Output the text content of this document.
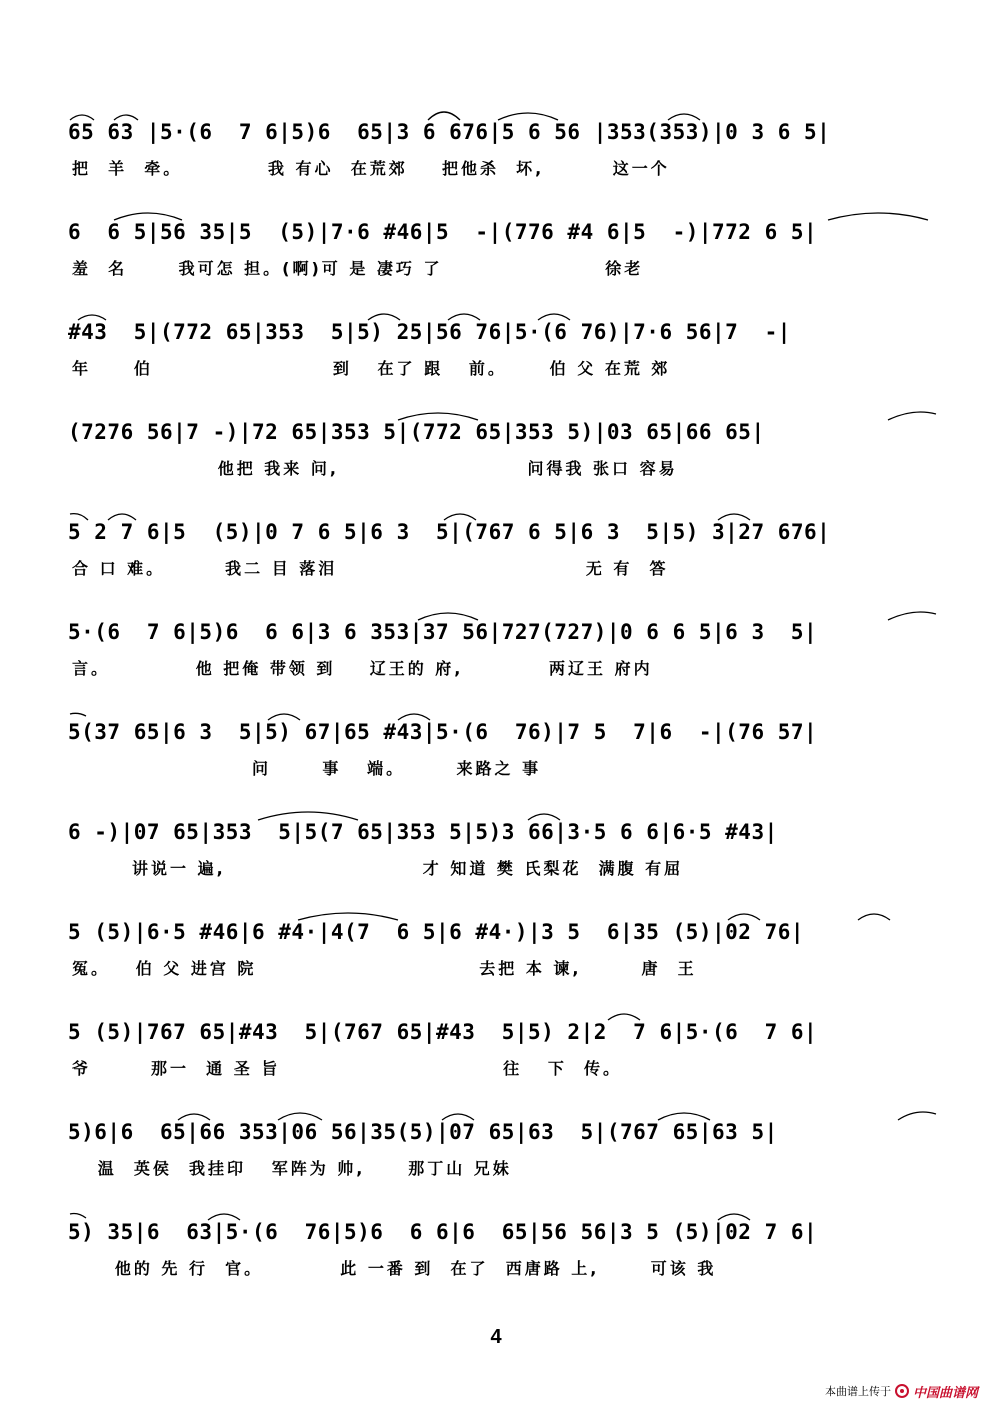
65 63 |5·(6  7 6|5)6  65|3 6 676|5 6 56 |353(353)|0 3 6 5|
把  羊  牵。          我 有心  在荒郊    把他杀  坏,        这一个
6  6 5|56 35|5  (5)|7·6 #46|5  -|(776 #4 6|5  -)|772 6 5|
羞  名      我可怎 担。(啊)可 是 凄巧 了                   徐老
#43  5|(772 65|353  5|5) 25|56 76|5·(6 76)|7·6 56|7  -|
年     伯                     到   在了 跟   前。     伯 父 在荒 郊
(7276 56|7 -)|72 65|353 5|(772 65|353 5)|03 65|66 65|
他把 我来 问,                      问得我 张口 容易
5 2 7 6|5  (5)|0 7 6 5|6 3  5|(767 6 5|6 3  5|5) 3|27 676|
合 口 难。       我二 目 落泪                             无 有  答
5·(6  7 6|5)6  6 6|3 6 353|37 56|727(727)|0 6 6 5|6 3  5|
言。          他 把俺 带领 到    辽王的 府,          两辽王 府内
5(37 65|6 3  5|5) 67|65 #43|5·(6  76)|7 5  7|6  -|(76 57|
问      事   端。      来路之 事
6 -)|07 65|353  5|5(7 65|353 5|5)3 66|3·5 6 6|6·5 #43|
讲说一 遍,                       才 知道 樊 氏梨花  满腹 有屈
5 (5)|6·5 #46|6 #4·|4(7  6 5|6 #4·)|3 5  6|35 (5)|02 76|
冤。   伯 父 进宫 院                          去把 本 谏,       唐  王
5 (5)|767 65|#43  5|(767 65|#43  5|5) 2|2  7 6|5·(6  7 6|
爷       那一  通 圣 旨                          往   下  传。
5)6|6  65|66 353|06 56|35(5)|07 65|63  5|(767 65|63 5|
温  英侯  我挂印   军阵为 帅,     那丁山 兄妹
5) 35|6  63|5·(6  76|5)6  6 6|6  65|56 56|3 5 (5)|02 7 6|
他的 先 行  官。         此 一番 到  在了  西唐路 上,      可该 我
4
本曲谱上传于 中国曲谱网
